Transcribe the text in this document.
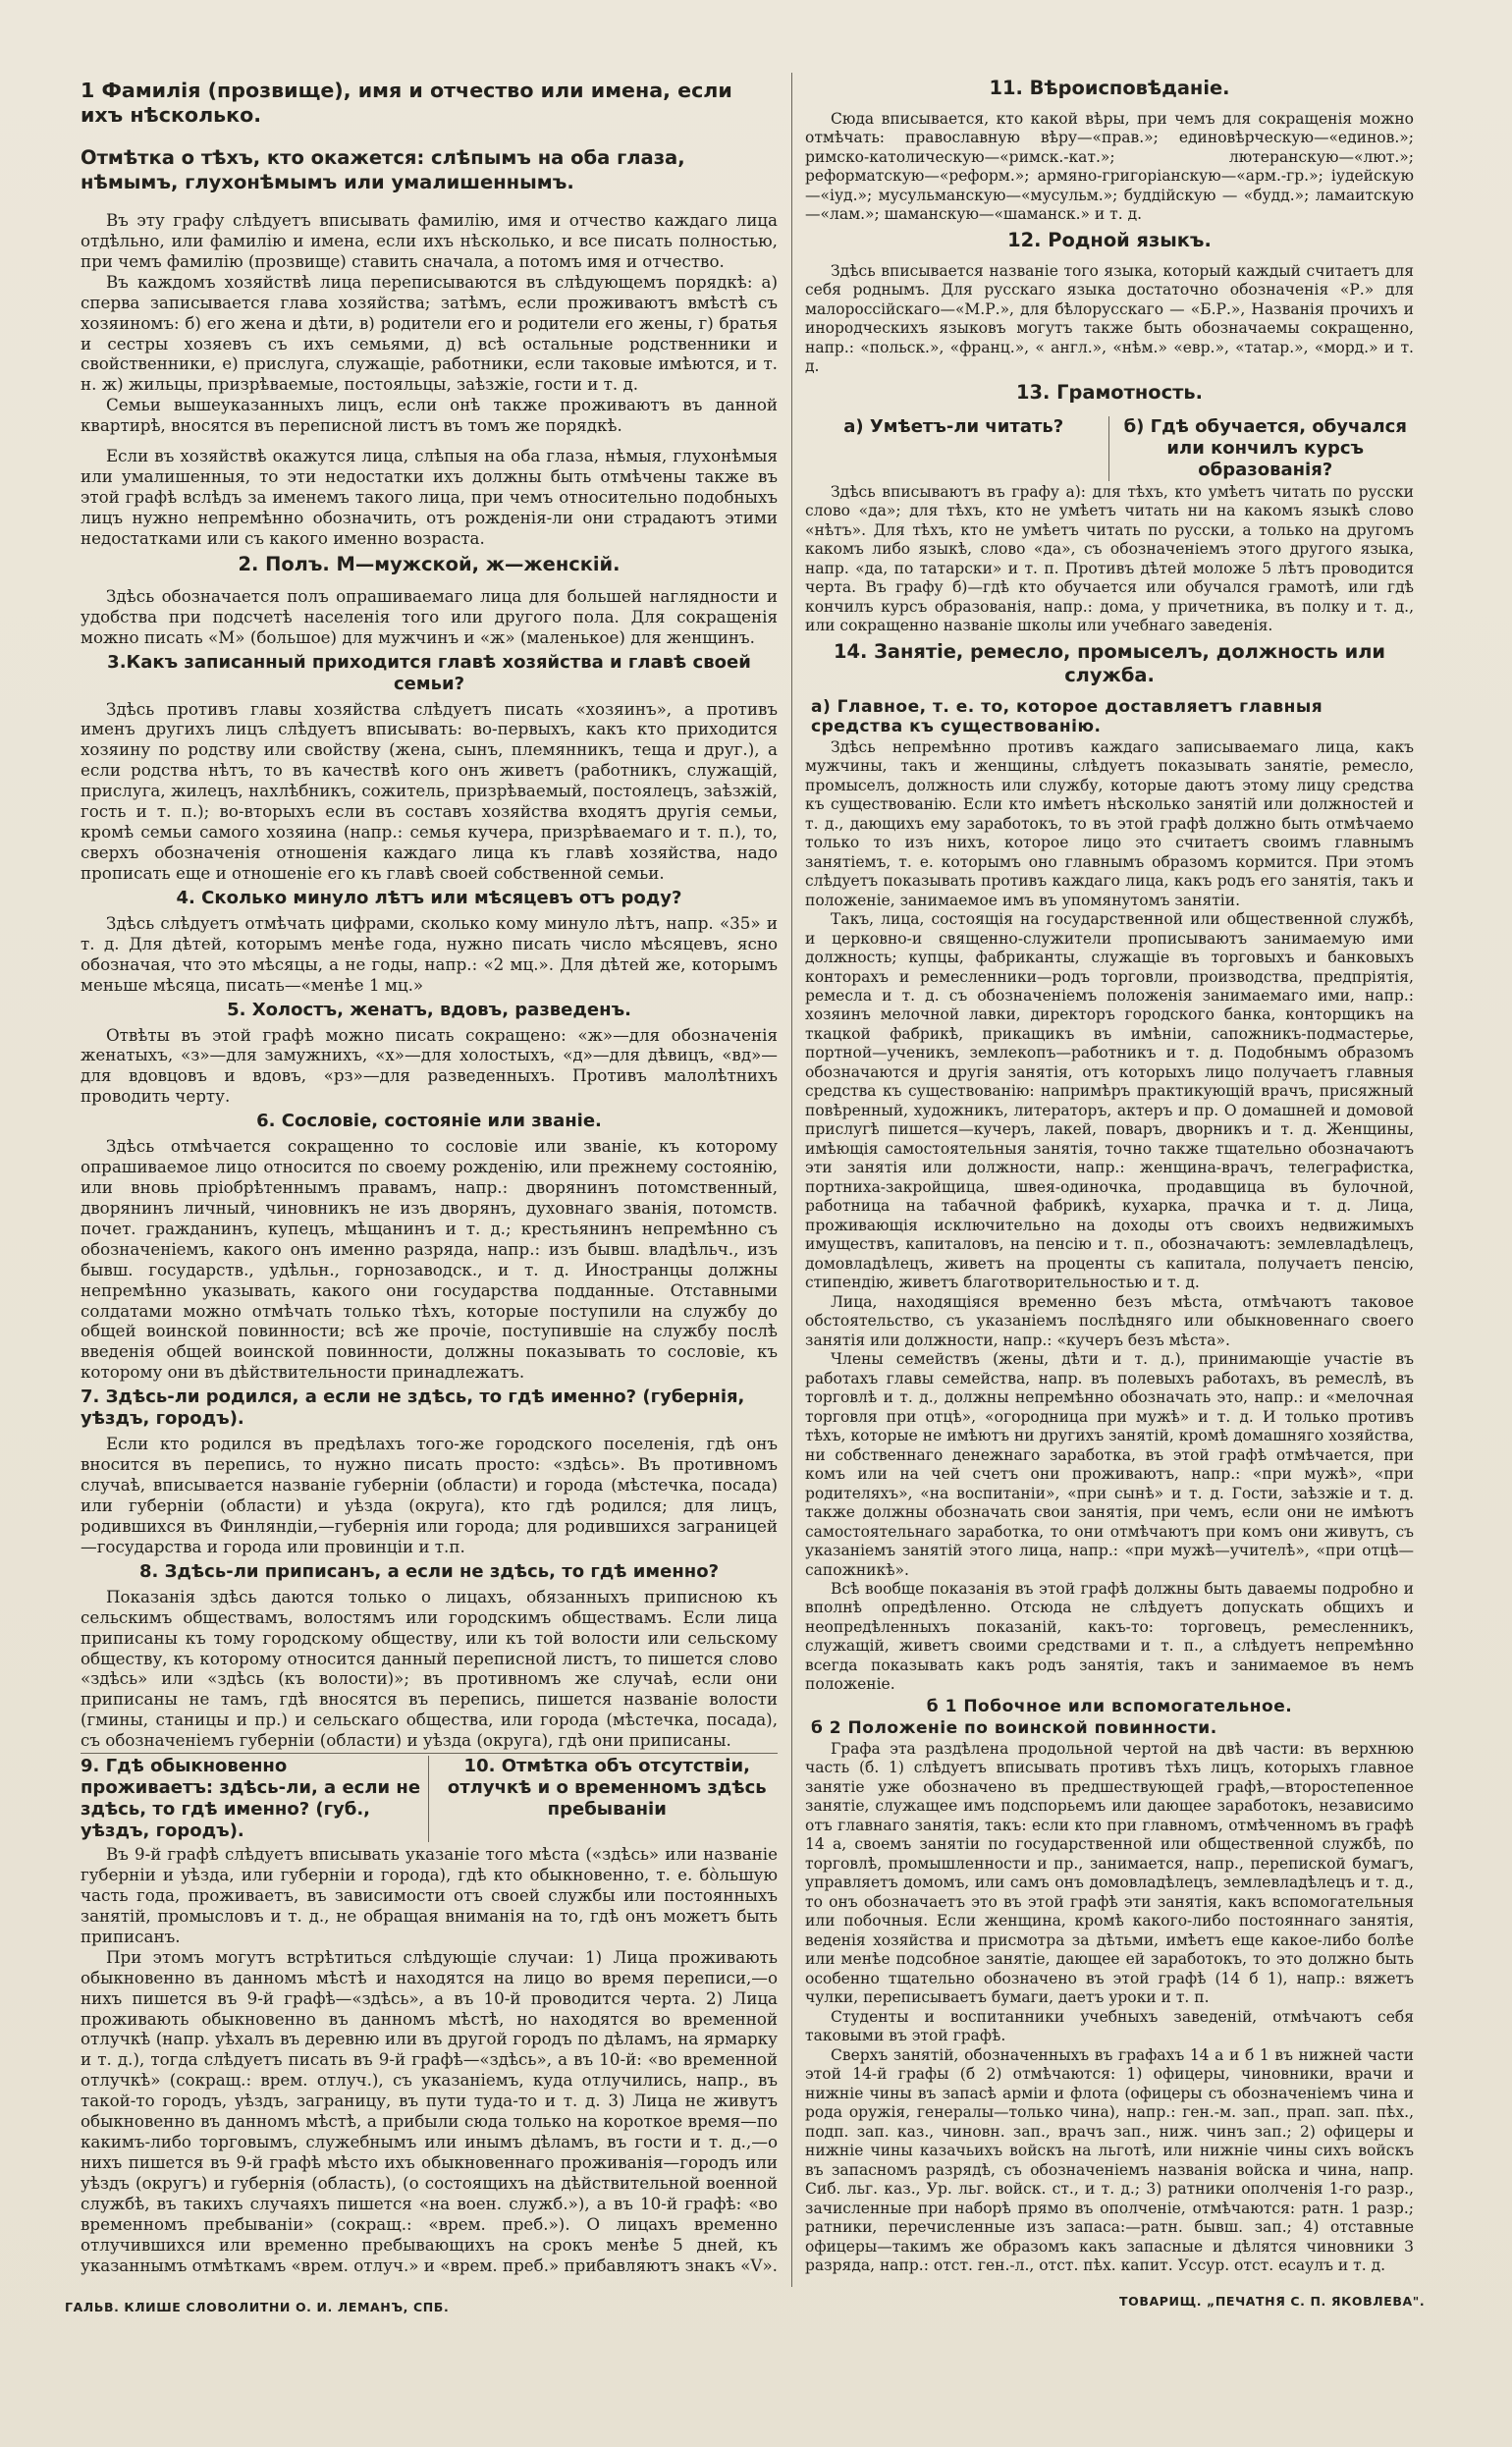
1 Фамилія (прозвище), имя и отчество или имена, если ихъ нѣсколько.
Отмѣтка о тѣхъ, кто окажется: слѣпымъ на оба глаза, нѣмымъ, глухонѣмымъ или умалишеннымъ.

Въ эту графу слѣдуетъ вписывать фамилію, имя и отчество каждаго лица отдѣльно, или фамилію и имена, если ихъ нѣсколько, и все писать полностью, при чемъ фамилію (прозвище) ставить сначала, а потомъ имя и отчество.

Въ каждомъ хозяйствѣ лица переписываются въ слѣдующемъ порядкѣ: а) сперва записывается глава хозяйства; затѣмъ, если проживаютъ вмѣстѣ съ хозяиномъ: б) его жена и дѣти, в) родители его и родители его жены, г) братья и сестры хозяевъ съ ихъ семьями, д) всѣ остальные родственники и свойственники, е) прислуга, служащіе, работники, если таковые имѣются, и т. н. ж) жильцы, призрѣваемые, постояльцы, заѣзжіе, гости и т. д.

Семьи вышеуказанныхъ лицъ, если онѣ также проживаютъ въ данной квартирѣ, вносятся въ переписной листъ въ томъ же порядкѣ.

Если въ хозяйствѣ окажутся лица, слѣпыя на оба глаза, нѣмыя, глухонѣмыя или умалишенныя, то эти недостатки ихъ должны быть отмѣчены также въ этой графѣ вслѣдъ за именемъ такого лица, при чемъ относительно подобныхъ лицъ нужно непремѣнно обозначить, отъ рожденія-ли они страдаютъ этими недостатками или съ какого именно возраста.

2. Полъ. М—мужской, ж—женскій.

Здѣсь обозначается полъ опрашиваемаго лица для большей наглядности и удобства при подсчетѣ населенія того или другого пола. Для сокращенія можно писать «М» (большое) для мужчинъ и «ж» (маленькое) для женщинъ.

3.Какъ записанный приходится главѣ хозяйства и главѣ своей семьи?

Здѣсь противъ главы хозяйства слѣдуетъ писать «хозяинъ», а противъ именъ другихъ лицъ слѣдуетъ вписывать: во-первыхъ, какъ кто приходится хозяину по родству или свойству (жена, сынъ, племянникъ, теща и друг.), а если родства нѣтъ, то въ качествѣ кого онъ живетъ (работникъ, служащій, прислуга, жилецъ, нахлѣбникъ, сожитель, призрѣваемый, постоялецъ, заѣзжій, гость и т. п.); во-вторыхъ если въ составъ хозяйства входятъ другія семьи, кромѣ семьи самого хозяина (напр.: семья кучера, призрѣваемаго и т. п.), то, сверхъ обозначенія отношенія каждаго лица къ главѣ хозяйства, надо прописать еще и отношеніе его къ главѣ своей собственной семьи.

4. Сколько минуло лѣтъ или мѣсяцевъ отъ роду?

Здѣсь слѣдуетъ отмѣчать цифрами, сколько кому минуло лѣтъ, напр. «35» и т. д. Для дѣтей, которымъ менѣе года, нужно писать число мѣсяцевъ, ясно обозначая, что это мѣсяцы, а не годы, напр.: «2 мц.». Для дѣтей же, которымъ меньше мѣсяца, писать—«менѣе 1 мц.»

5. Холостъ, женатъ, вдовъ, разведенъ.

Отвѣты въ этой графѣ можно писать сокращено: «ж»—для обозначенія женатыхъ, «з»—для замужнихъ, «х»—для холостыхъ, «д»—для дѣвицъ, «вд»—для вдовцовъ и вдовъ, «рз»—для разведенныхъ. Противъ малолѣтнихъ проводить черту.

6. Сословіе, состояніе или званіе.

Здѣсь отмѣчается сокращенно то сословіе или званіе, къ которому опрашиваемое лицо относится по своему рожденію, или прежнему состоянію, или вновь пріобрѣтеннымъ правамъ, напр.: дворянинъ потомственный, дворянинъ личный, чиновникъ не изъ дворянъ, духовнаго званія, потомств. почет. гражданинъ, купецъ, мѣщанинъ и т. д.; крестьянинъ непремѣнно съ обозначеніемъ, какого онъ именно разряда, напр.: изъ бывш. владѣльч., изъ бывш. государств., удѣльн., горнозаводск., и т. д. Иностранцы должны непремѣнно указывать, какого они государства подданные. Отставными солдатами можно отмѣчать только тѣхъ, которые поступили на службу до общей воинской повинности; всѣ же прочіе, поступившіе на службу послѣ введенія общей воинской повинности, должны показывать то сословіе, къ которому они въ дѣйствительности принадлежатъ.

7. Здѣсь-ли родился, а если не здѣсь, то гдѣ именно? (губернія, уѣздъ, городъ).

Если кто родился въ предѣлахъ того-же городского поселенія, гдѣ онъ вносится въ перепись, то нужно писать просто: «здѣсь». Въ противномъ случаѣ, вписывается названіе губерніи (области) и города (мѣстечка, посада) или губерніи (области) и уѣзда (округа), кто гдѣ родился; для лицъ, родившихся въ Финляндіи,—губернія или города; для родившихся заграницей—государства и города или провинціи и т.п.

8. Здѣсь-ли приписанъ, а если не здѣсь, то гдѣ именно?

Показанія здѣсь даются только о лицахъ, обязанныхъ приписною къ сельскимъ обществамъ, волостямъ или городскимъ обществамъ. Если лица приписаны къ тому городскому обществу, или къ той волости или сельскому обществу, къ которому относится данный переписной листъ, то пишется слово «здѣсь» или «здѣсь (къ волости)»; въ противномъ же случаѣ, если они приписаны не тамъ, гдѣ вносятся въ перепись, пишется названіе волости (гмины, станицы и пр.) и сельскаго общества, или города (мѣстечка, посада), съ обозначеніемъ губерніи (области) и уѣзда (округа), гдѣ они приписаны.

9. Гдѣ обыкновенно проживаетъ: здѣсь-ли, а если не здѣсь, то гдѣ именно? (губ., уѣздъ, городъ).
10. Отмѣтка объ отсутствіи, отлучкѣ и о временномъ здѣсь пребываніи

Въ 9-й графѣ слѣдуетъ вписывать указаніе того мѣста («здѣсь» или названіе губерніи и уѣзда, или губерніи и города), гдѣ кто обыкновенно, т. е. бо̀льшую часть года, проживаетъ, въ зависимости отъ своей службы или постоянныхъ занятій, промысловъ и т. д., не обращая вниманія на то, гдѣ онъ можетъ быть приписанъ.

При этомъ могутъ встрѣтиться слѣдующіе случаи: 1) Лица проживають обыкновенно въ данномъ мѣстѣ и находятся на лицо во время переписи,—о нихъ пишется въ 9-й графѣ—«здѣсь», а въ 10-й проводится черта. 2) Лица проживають обыкновенно въ данномъ мѣстѣ, но находятся во временной отлучкѣ (напр. уѣхалъ въ деревню или въ другой городъ по дѣламъ, на ярмарку и т. д.), тогда слѣдуетъ писать въ 9-й графѣ—«здѣсь», а въ 10-й: «во временной отлучкѣ» (сокращ.: врем. отлуч.), съ указаніемъ, куда отлучились, напр., въ такой-то городъ, уѣздъ, заграницу, въ пути туда-то и т. д. 3) Лица не живутъ обыкновенно въ данномъ мѣстѣ, а прибыли сюда только на короткое время—по какимъ-либо торговымъ, служебнымъ или инымъ дѣламъ, въ гости и т. д.,—о нихъ пишется въ 9-й графѣ мѣсто ихъ обыкновеннаго проживанія—городъ или уѣздъ (округъ) и губернія (область), (о состоящихъ на дѣйствительной военной службѣ, въ такихъ случаяхъ пишется «на воен. служб.»), а въ 10-й графѣ: «во временномъ пребываніи» (сокращ.: «врем. преб.»). О лицахъ временно отлучившихся или временно пребывающихъ на срокъ менѣе 5 дней, къ указаннымъ отмѣткамъ «врем. отлуч.» и «врем. преб.» прибавляютъ знакъ «V».

11. Вѣроисповѣданіе.

Сюда вписывается, кто какой вѣры, при чемъ для сокращенія можно отмѣчать: православную вѣру—«прав.»; единовѣрческую—«единов.»; римско-католическую—«римск.-кат.»; лютеранскую—«лют.»; реформатскую—«реформ.»; армяно-григоріанскую—«арм.-гр.»; іудейскую—«іуд.»; мусульманскую—«мусульм.»; буддійскую — «будд.»; ламаитскую—«лам.»; шаманскую—«шаманск.» и т. д.

12. Родной языкъ.

Здѣсь вписывается названіе того языка, который каждый считаетъ для себя роднымъ. Для русскаго языка достаточно обозначенія «Р.» для малороссійскаго—«М.Р.», для бѣлорусскаго — «Б.Р.», Названія прочихъ и инородческихъ языковъ могутъ также быть обозначаемы сокращенно, напр.: «польск.», «франц.», « англ.», «нѣм.» «евр.», «татар.», «морд.» и т. д.

13. Грамотность.
а) Умѣетъ-ли читать?	б) Гдѣ обучается, обучался или кончилъ курсъ образованія?

Здѣсь вписываютъ въ графу а): для тѣхъ, кто умѣетъ читать по русски слово «да»; для тѣхъ, кто не умѣетъ читать ни на какомъ языкѣ слово «нѣтъ». Для тѣхъ, кто не умѣетъ читать по русски, а только на другомъ какомъ либо языкѣ, слово «да», съ обозначеніемъ этого другого языка, напр. «да, по татарски» и т. п. Противъ дѣтей моложе 5 лѣтъ проводится черта. Въ графу б)—гдѣ кто обучается или обучался грамотѣ, или гдѣ кончилъ курсъ образованія, напр.: дома, у причетника, въ полку и т. д., или сокращенно названіе школы или учебнаго заведенія.

14. Занятіе, ремесло, промыселъ, должность или служба.
а) Главное, т. е. то, которое доставляетъ главныя средства къ существованію.

Здѣсь непремѣнно противъ каждаго записываемаго лица, какъ мужчины, такъ и женщины, слѣдуетъ показывать занятіе, ремесло, промыселъ, должность или службу, которые даютъ этому лицу средства къ существованію. Если кто имѣетъ нѣсколько занятій или должностей и т. д., дающихъ ему заработокъ, то въ этой графѣ должно быть отмѣчаемо только то изъ нихъ, которое лицо это считаетъ своимъ главнымъ занятіемъ, т. е. которымъ оно главнымъ образомъ кормится. При этомъ слѣдуетъ показывать противъ каждаго лица, какъ родъ его занятія, такъ и положеніе, занимаемое имъ въ упомянутомъ занятіи.

Такъ, лица, состоящія на государственной или общественной службѣ, и церковно-и священно-служители прописываютъ занимаемую ими должность; купцы, фабриканты, служащіе въ торговыхъ и банковыхъ конторахъ и ремесленники—родъ торговли, производства, предпріятія, ремесла и т. д. съ обозначеніемъ положенія занимаемаго ими, напр.: хозяинъ мелочной лавки, директоръ городского банка, конторщикъ на ткацкой фабрикѣ, прикащикъ въ имѣніи, сапожникъ-подмастерье, портной—ученикъ, землекопъ—работникъ и т. д. Подобнымъ образомъ обозначаются и другія занятія, отъ которыхъ лицо получаетъ главныя средства къ существованію: напримѣръ практикующій врачъ, присяжный повѣренный, художникъ, литераторъ, актеръ и пр. О домашней и домовой прислугѣ пишется—кучеръ, лакей, поваръ, дворникъ и т. д. Женщины, имѣющія самостоятельныя занятія, точно также тщательно обозначаютъ эти занятія или должности, напр.: женщина-врачъ, телеграфистка, портниха-закройщица, швея-одиночка, продавщица въ булочной, работница на табачной фабрикѣ, кухарка, прачка и т. д. Лица, проживающія исключительно на доходы отъ своихъ недвижимыхъ имуществъ, капиталовъ, на пенсію и т. п., обозначаютъ: землевладѣлецъ, домовладѣлецъ, живетъ на проценты съ капитала, получаетъ пенсію, стипендію, живетъ благотворительностью и т. д.

Лица, находящіяся временно безъ мѣста, отмѣчаютъ таковое обстоятельство, съ указаніемъ послѣдняго или обыкновеннаго своего занятія или должности, напр.: «кучеръ безъ мѣста».

Члены семействъ (жены, дѣти и т. д.), принимающіе участіе въ работахъ главы семейства, напр. въ полевыхъ работахъ, въ ремеслѣ, въ торговлѣ и т. д., должны непремѣнно обозначать это, напр.: и «мелочная торговля при отцѣ», «огородница при мужѣ» и т. д. И только противъ тѣхъ, которые не имѣютъ ни другихъ занятій, кромѣ домашняго хозяйства, ни собственнаго денежнаго заработка, въ этой графѣ отмѣчается, при комъ или на чей счетъ они проживаютъ, напр.: «при мужѣ», «при родителяхъ», «на воспитаніи», «при сынѣ» и т. д. Гости, заѣзжіе и т. д. также должны обозначать свои занятія, при чемъ, если они не имѣютъ самостоятельнаго заработка, то они отмѣчаютъ при комъ они живутъ, съ указаніемъ занятій этого лица, напр.: «при мужѣ—учителѣ», «при отцѣ—сапожникѣ».

Всѣ вообще показанія въ этой графѣ должны быть даваемы подробно и вполнѣ опредѣленно. Отсюда не слѣдуетъ допускать общихъ и неопредѣленныхъ показаній, какъ-то: торговецъ, ремесленникъ, служащій, живетъ своими средствами и т. п., а слѣдуетъ непремѣнно всегда показывать какъ родъ занятія, такъ и занимаемое въ немъ положеніе.

б 1 Побочное или вспомогательное.
б 2 Положеніе по воинской повинности.

Графа эта раздѣлена продольной чертой на двѣ части: въ верхнюю часть (б. 1) слѣдуетъ вписывать противъ тѣхъ лицъ, которыхъ главное занятіе уже обозначено въ предшествующей графѣ,—второстепенное занятіе, служащее имъ подспорьемъ или дающее заработокъ, независимо отъ главнаго занятія, такъ: если кто при главномъ, отмѣченномъ въ графѣ 14 а, своемъ занятіи по государственной или общественной службѣ, по торговлѣ, промышленности и пр., занимается, напр., перепиской бумагъ, управляетъ домомъ, или самъ онъ домовладѣлецъ, землевладѣлецъ и т. д., то онъ обозначаетъ это въ этой графѣ эти занятія, какъ вспомогательныя или побочныя. Если женщина, кромѣ какого-либо постояннаго занятія, веденія хозяйства и присмотра за дѣтьми, имѣетъ еще какое-либо болѣе или менѣе подсобное занятіе, дающее ей заработокъ, то это должно быть особенно тщательно обозначено въ этой графѣ (14 б 1), напр.: вяжетъ чулки, переписываетъ бумаги, даетъ уроки и т. п.

Студенты и воспитанники учебныхъ заведеній, отмѣчаютъ себя таковыми въ этой графѣ.

Сверхъ занятій, обозначенныхъ въ графахъ 14 а и б 1 въ нижней части этой 14-й графы (б 2) отмѣчаются: 1) офицеры, чиновники, врачи и нижніе чины въ запасѣ арміи и флота (офицеры съ обозначеніемъ чина и рода оружія, генералы—только чина), напр.: ген.-м. зап., прап. зап. пѣх., подп. зап. каз., чиновн. зап., врачъ зап., ниж. чинъ зап.; 2) офицеры и нижніе чины казачьихъ войскъ на льготѣ, или нижніе чины сихъ войскъ въ запасномъ разрядѣ, съ обозначеніемъ названія войска и чина, напр. Сиб. льг. каз., Ур. льг. войск. ст., и т. д.; 3) ратники ополченія 1-го разр., зачисленные при наборѣ прямо въ ополченіе, отмѣчаются: ратн. 1 разр.; ратники, перечисленные изъ запаса:—ратн. бывш. зап.; 4) отставные офицеры—такимъ же образомъ какъ запасные и дѣлятся чиновники 3 разряда, напр.: отст. ген.-л., отст. пѣх. капит. Уссур. отст. есаулъ и т. д.

ГАЛЬВ. КЛИШЕ СЛОВОЛИТНИ О. И. ЛЕМАНЪ, СПБ.	ТОВАРИЩ. „ПЕЧАТНЯ С. П. ЯКОВЛЕВА".
